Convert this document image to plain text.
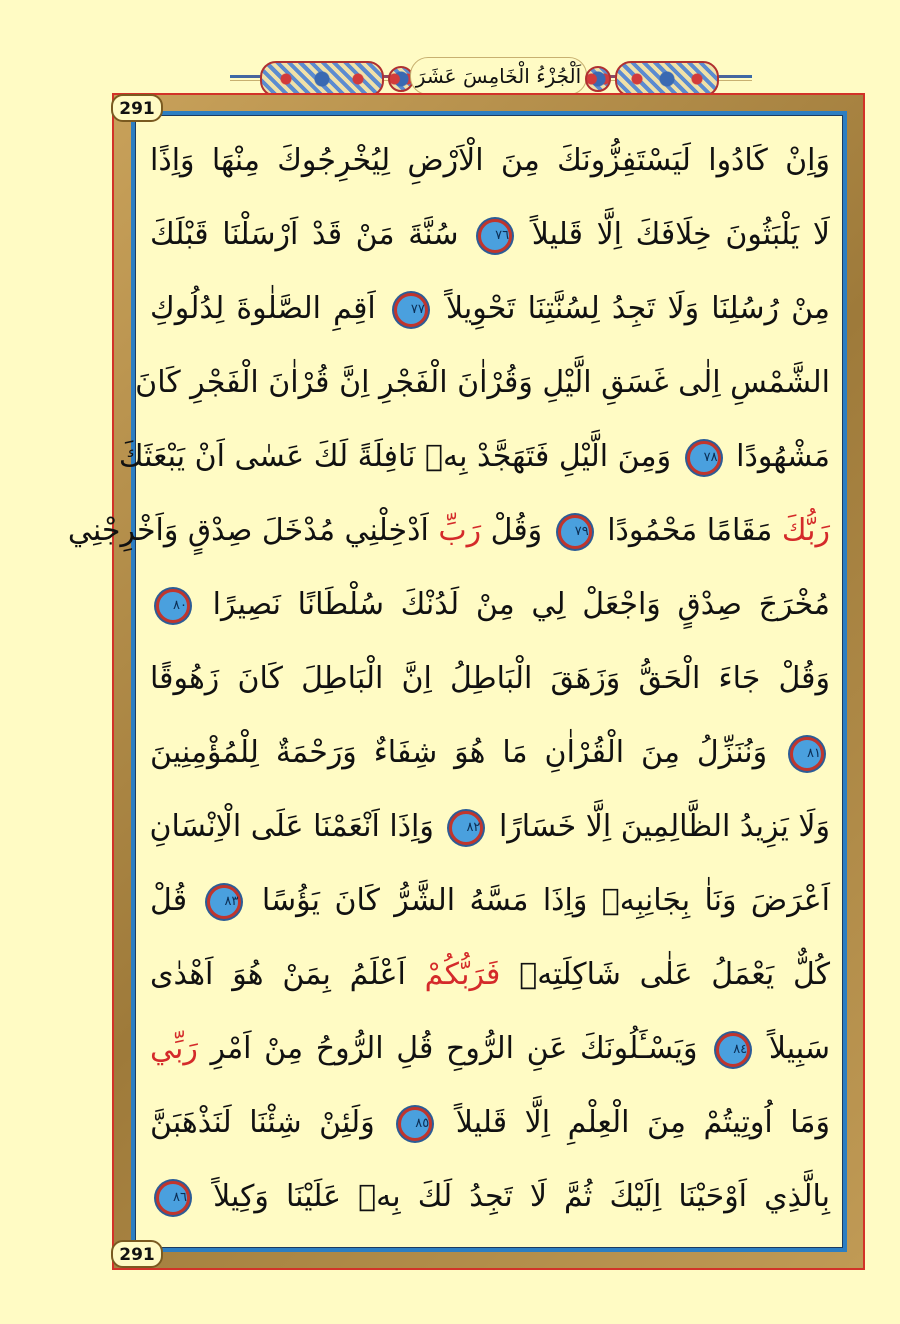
اَلْجُزْءُ الْخَامِسَ عَشَرَ
291
291
وَاِنْ كَادُوا لَيَسْتَفِزُّونَكَ مِنَ الْاَرْضِ لِيُخْرِجُوكَ مِنْهَا وَاِذًا
لَا يَلْبَثُونَ خِلَافَكَ اِلَّا قَليلاً ٧٦ سُنَّةَ مَنْ قَدْ اَرْسَلْنَا قَبْلَكَ
مِنْ رُسُلِنَا وَلَا تَجِدُ لِسُنَّتِنَا تَحْوِيلاً ٧٧ اَقِمِ الصَّلٰوةَ لِدُلُوكِ
الشَّمْسِ اِلٰى غَسَقِ الَّيْلِ وَقُرْاٰنَ الْفَجْرِ اِنَّ قُرْاٰنَ الْفَجْرِ كَانَ
مَشْهُودًا ٧٨ وَمِنَ الَّيْلِ فَتَهَجَّدْ بِهٖ نَافِلَةً لَكَ عَسٰى اَنْ يَبْعَثَكَ
رَبُّكَ مَقَامًا مَحْمُودًا ٧٩ وَقُلْ رَبِّ اَدْخِلْنِي مُدْخَلَ صِدْقٍ وَاَخْرِجْنِي
مُخْرَجَ صِدْقٍ وَاجْعَلْ لِي مِنْ لَدُنْكَ سُلْطَانًا نَصِيرًا ٨٠
وَقُلْ جَاءَ الْحَقُّ وَزَهَقَ الْبَاطِلُ اِنَّ الْبَاطِلَ كَانَ زَهُوقًا
٨١ وَنُنَزِّلُ مِنَ الْقُرْاٰنِ مَا هُوَ شِفَاءٌ وَرَحْمَةٌ لِلْمُؤْمِنِينَ
وَلَا يَزِيدُ الظَّالِمِينَ اِلَّا خَسَارًا ٨٢ وَاِذَا اَنْعَمْنَا عَلَى الْاِنْسَانِ
اَعْرَضَ وَنَاٰ بِجَانِبِهٖ وَاِذَا مَسَّهُ الشَّرُّ كَانَ يَؤُسًا ٨٣ قُلْ
كُلٌّ يَعْمَلُ عَلٰى شَاكِلَتِهٖ فَرَبُّكُمْ اَعْلَمُ بِمَنْ هُوَ اَهْدٰى
سَبِيلاً ٨٤ وَيَسْـَٔلُونَكَ عَنِ الرُّوحِ قُلِ الرُّوحُ مِنْ اَمْرِ رَبِّي
وَمَا اُوتِيتُمْ مِنَ الْعِلْمِ اِلَّا قَليلاً ٨٥ وَلَئِنْ شِئْنَا لَنَذْهَبَنَّ
بِالَّذِي اَوْحَيْنَا اِلَيْكَ ثُمَّ لَا تَجِدُ لَكَ بِهٖ عَلَيْنَا وَكِيلاً ٨٦
